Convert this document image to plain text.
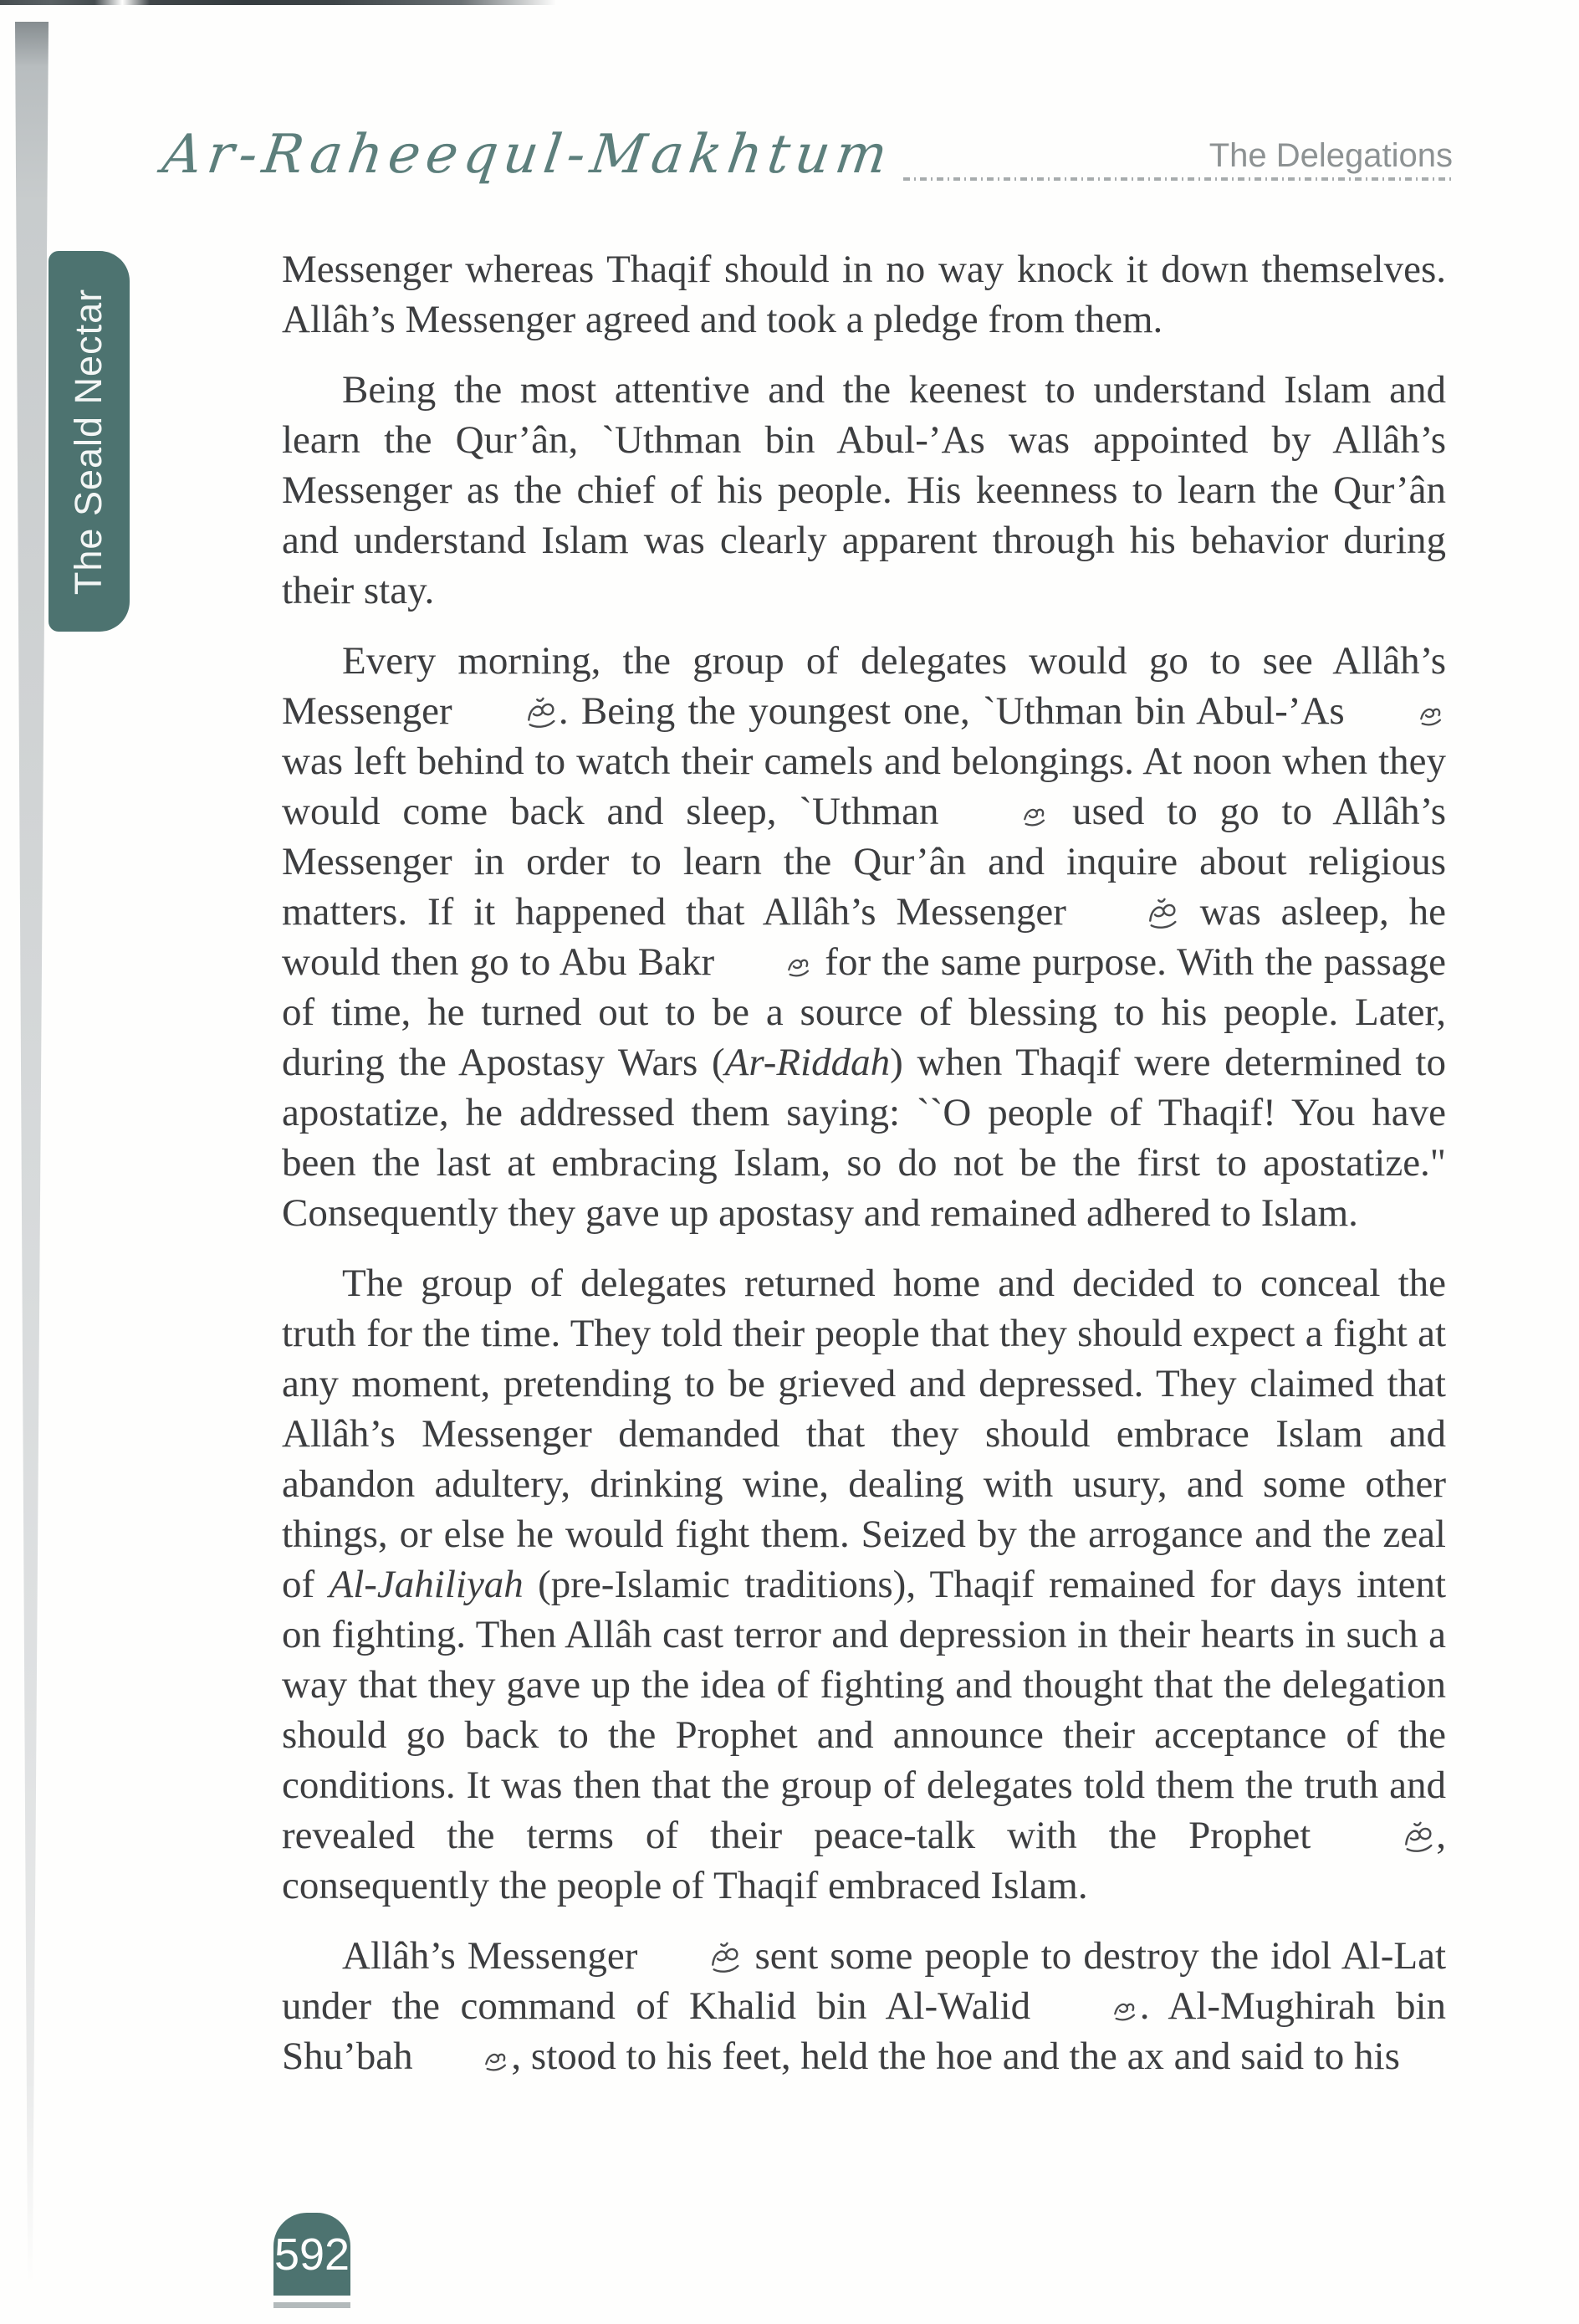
The Seald Nectar
Ar-Raheequl-Makhtum	The Delegations

Messenger whereas Thaqif should in no way knock it down themselves. Allâh’s Messenger agreed and took a pledge from them.

Being the most attentive and the keenest to understand Islam and learn the Qur’ân, `Uthman bin Abul-’As was appointed by Allâh’s Messenger as the chief of his people. His keenness to learn the Qur’ân and understand Islam was clearly apparent through his behavior during their stay.

Every morning, the group of delegates would go to see Allâh’s Messenger . Being the youngest one, `Uthman bin Abul-’As  was left behind to watch their camels and belongings. At noon when they would come back and sleep, `Uthman  used to go to Allâh’s Messenger in order to learn the Qur’ân and inquire about religious matters. If it happened that Allâh’s Messenger  was asleep, he would then go to Abu Bakr  for the same purpose. With the passage of time, he turned out to be a source of blessing to his people. Later, during the Apostasy Wars (Ar-Riddah) when Thaqif were determined to apostatize, he addressed them saying: ``O people of Thaqif! You have been the last at embracing Islam, so do not be the first to apostatize." Consequently they gave up apostasy and remained adhered to Islam.

The group of delegates returned home and decided to conceal the truth for the time. They told their people that they should expect a fight at any moment, pretending to be grieved and depressed. They claimed that Allâh’s Messenger demanded that they should embrace Islam and abandon adultery, drinking wine, dealing with usury, and some other things, or else he would fight them. Seized by the arrogance and the zeal of Al-Jahiliyah (pre-Islamic traditions), Thaqif remained for days intent on fighting. Then Allâh cast terror and depression in their hearts in such a way that they gave up the idea of fighting and thought that the delegation should go back to the Prophet and announce their acceptance of the conditions. It was then that the group of delegates told them the truth and revealed the terms of their peace-talk with the Prophet , consequently the people of Thaqif embraced Islam.

Allâh’s Messenger  sent some people to destroy the idol Al-Lat under the command of Khalid bin Al-Walid . Al-Mughirah bin Shu’bah , stood to his feet, held the hoe and the ax and said to his

592
